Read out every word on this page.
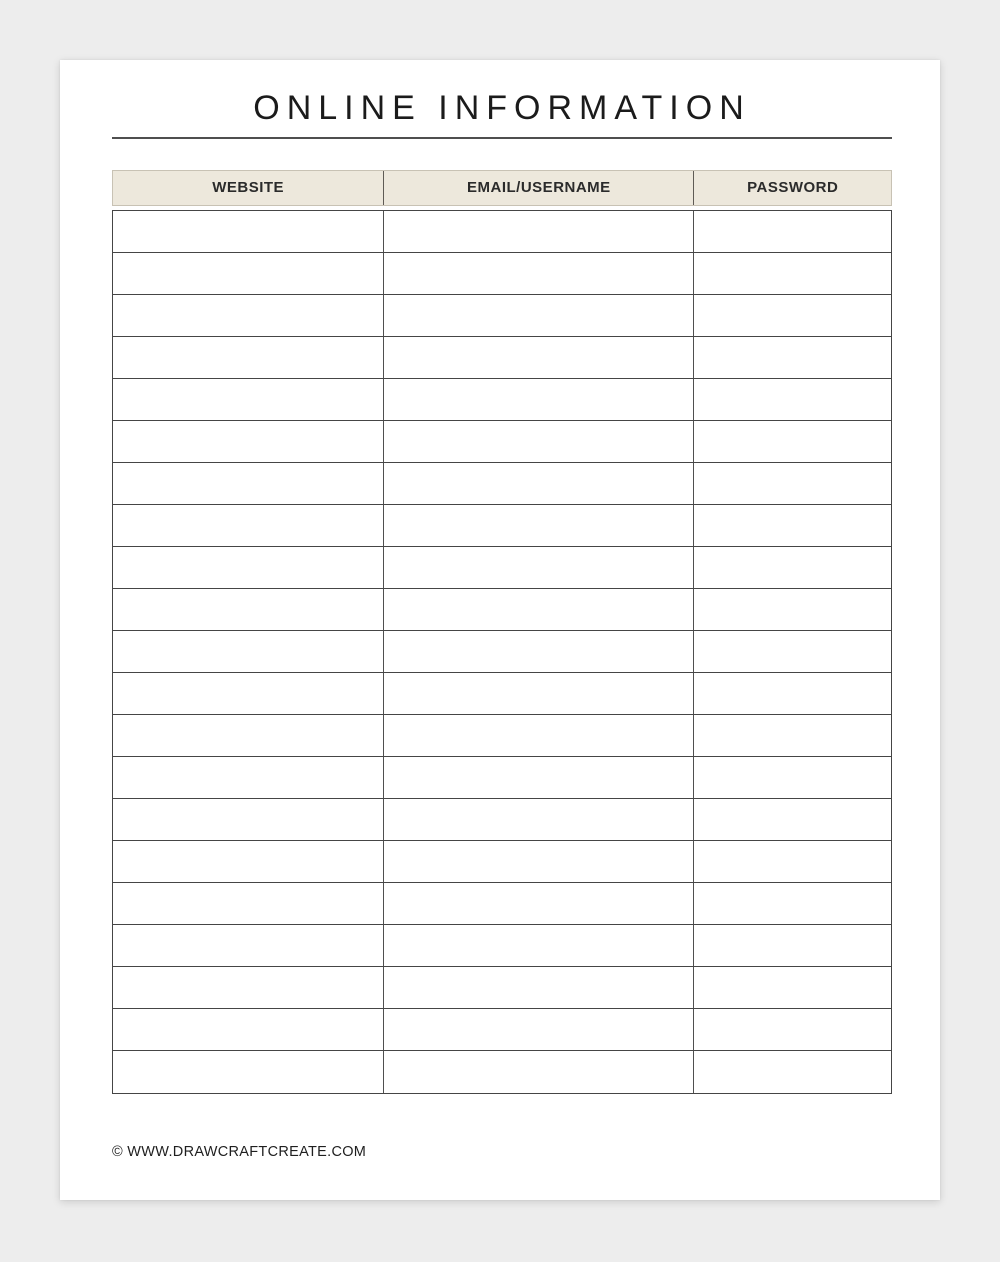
ONLINE INFORMATION
WEBSITE	EMAIL/USERNAME	PASSWORD
© WWW.DRAWCRAFTCREATE.COM
